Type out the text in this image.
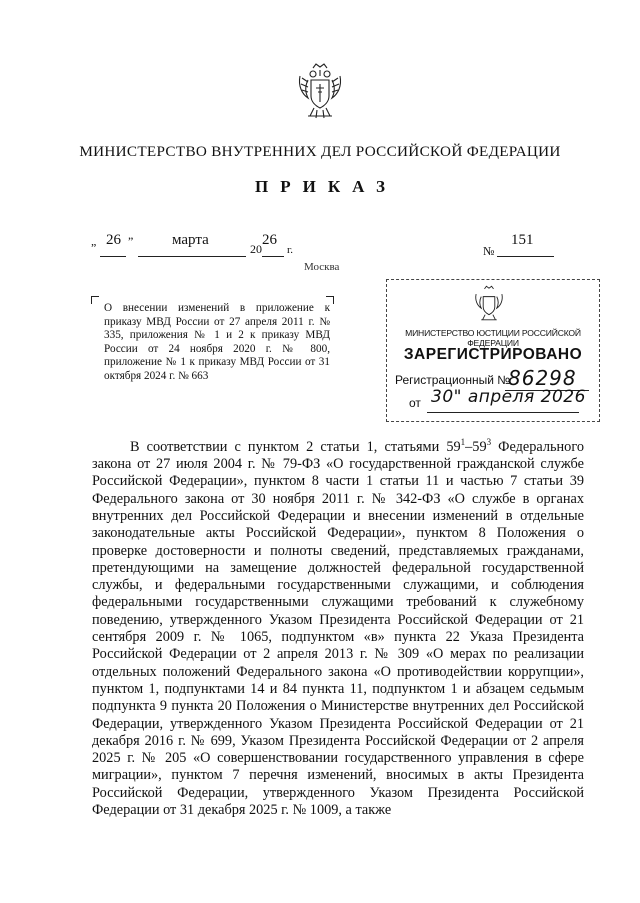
МИНИСТЕРСТВО ВНУТРЕННИХ ДЕЛ РОССИЙСКОЙ ФЕДЕРАЦИИ
ПРИКАЗ
„ 26 ”	марта
20
26
г.	№
151
Москва
О внесении изменений в приложение к приказу МВД России от 27 апреля 2011 г. № 335, приложения № 1 и 2 к приказу МВД России от 24 ноября 2020 г. № 800, приложение № 1 к приказу МВД России от 31 октября 2024 г. № 663
МИНИСТЕРСТВО ЮСТИЦИИ РОССИЙСКОЙ ФЕДЕРАЦИИ
ЗАРЕГИСТРИРОВАНО
Регистрационный №
86298
от 30" апреля 2026
В соответствии с пунктом 2 статьи 1, статьями $59^1-59^3$ Федерального закона от 27 июля 2004 г. № 79-ФЗ «О государственной гражданской службе Российской Федерации», пунктом 8 части 1 статьи 11 и частью 7 статьи 39 Федерального закона от 30 ноября 2011 г. № 342-ФЗ «О службе в органах внутренних дел Российской Федерации и внесении изменений в отдельные законодательные акты Российской Федерации», пунктом 8 Положения о проверке достоверности и полноты сведений, представляемых гражданами, претендующими на замещение должностей федеральной государственной службы, и федеральными государственными служащими, и соблюдения федеральными государственными служащими требований к служебному поведению, утвержденного Указом Президента Российской Федерации от 21 сентября 2009 г. № 1065, подпунктом «в» пункта 22 Указа Президента Российской Федерации от 2 апреля 2013 г. № 309 «О мерах по реализации отдельных положений Федерального закона «О противодействии коррупции», пунктом 1, подпунктами 14 и 84 пункта 11, подпунктом 1 и абзацем седьмым подпункта 9 пункта 20 Положения о Министерстве внутренних дел Российской Федерации, утвержденного Указом Президента Российской Федерации от 21 декабря 2016 г. № 699, Указом Президента Российской Федерации от 2 апреля 2025 г. № 205 «О совершенствовании государственного управления в сфере миграции», пунктом 7 перечня изменений, вносимых в акты Президента Российской Федерации, утвержденного Указом Президента Российской Федерации от 31 декабря 2025 г. № 1009, а также
